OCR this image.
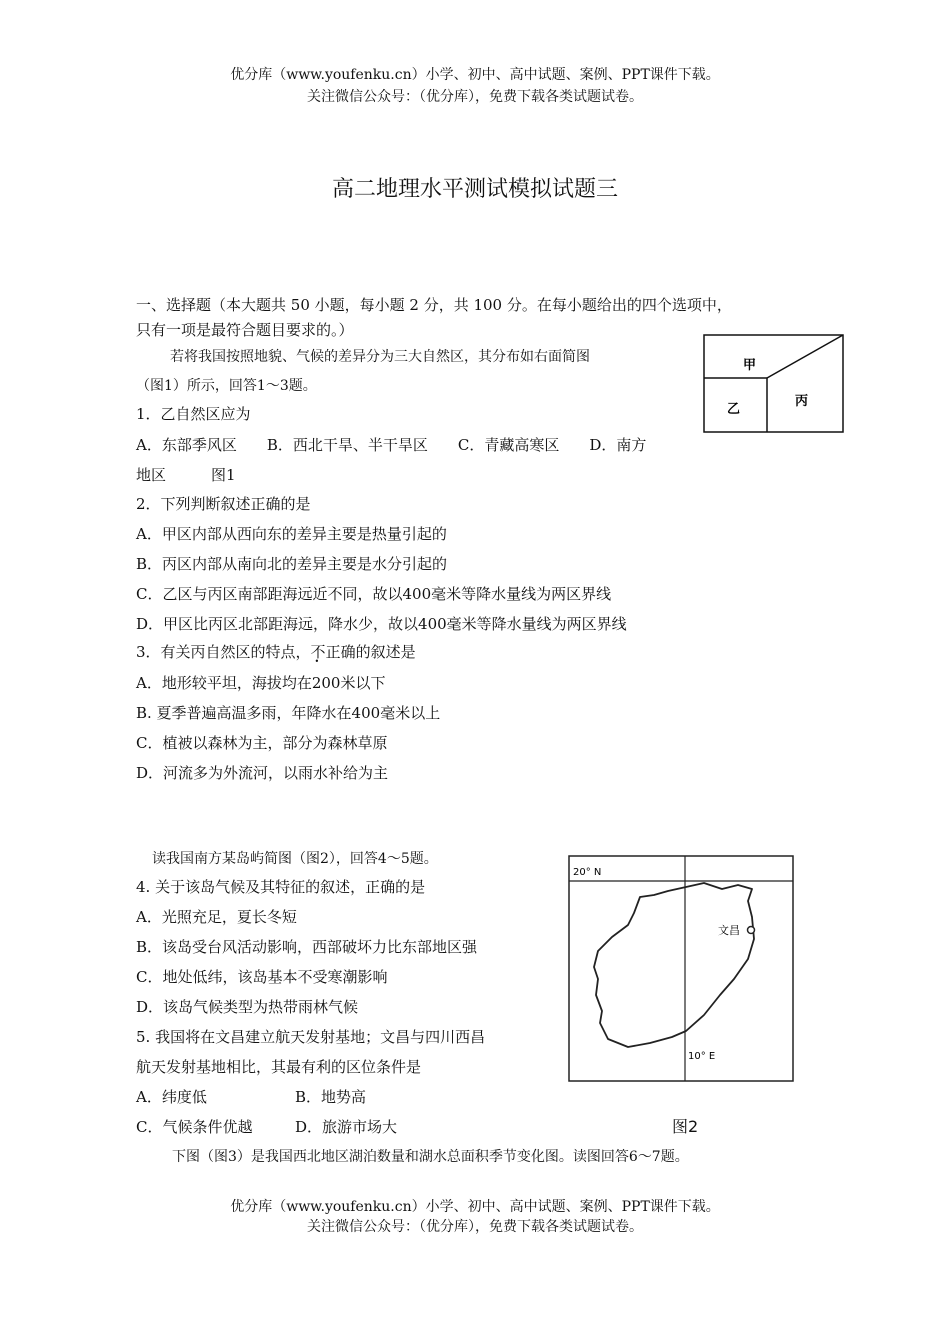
优分库（www.youfenku.cn）小学、初中、高中试题、案例、PPT课件下载。
关注微信公众号：（优分库），免费下载各类试题试卷。
高二地理水平测试模拟试题三
一、选择题（本大题共 50 小题，每小题 2 分，共 100 分。在每小题给出的四个选项中，
只有一项是最符合题目要求的。）
若将我国按照地貌、气候的差异分为三大自然区，其分布如右面简图
（图1）所示，回答1～3题。
1．乙自然区应为
A．东部季风区　　B．西北干旱、半干旱区　　C．青藏高寒区　　D．南方
地区　　　图1
2．下列判断叙述正确的是
A．甲区内部从西向东的差异主要是热量引起的
B．丙区内部从南向北的差异主要是水分引起的
C．乙区与丙区南部距海远近不同，故以400毫米等降水量线为两区界线
D．甲区比丙区北部距海远，降水少，故以400毫米等降水量线为两区界线
3．有关丙自然区的特点，不正确的叙述是
A．地形较平坦，海拔均在200米以下
B. 夏季普遍高温多雨，年降水在400毫米以上
C．植被以森林为主，部分为森林草原
D．河流多为外流河，以雨水补给为主
甲
乙
丙
读我国南方某岛屿简图（图2），回答4～5题。
4. 关于该岛气候及其特征的叙述，正确的是
A．光照充足，夏长冬短
B．该岛受台风活动影响，西部破坏力比东部地区强
C．地处低纬，该岛基本不受寒潮影响
D．该岛气候类型为热带雨林气候
5. 我国将在文昌建立航天发射基地；文昌与四川西昌
航天发射基地相比，其最有利的区位条件是
A．纬度低	B．地势高
C．气候条件优越	D．旅游市场大
20° N
10° E
文昌
图2
下图（图3）是我国西北地区湖泊数量和湖水总面积季节变化图。读图回答6～7题。
优分库（www.youfenku.cn）小学、初中、高中试题、案例、PPT课件下载。
关注微信公众号：（优分库），免费下载各类试题试卷。
